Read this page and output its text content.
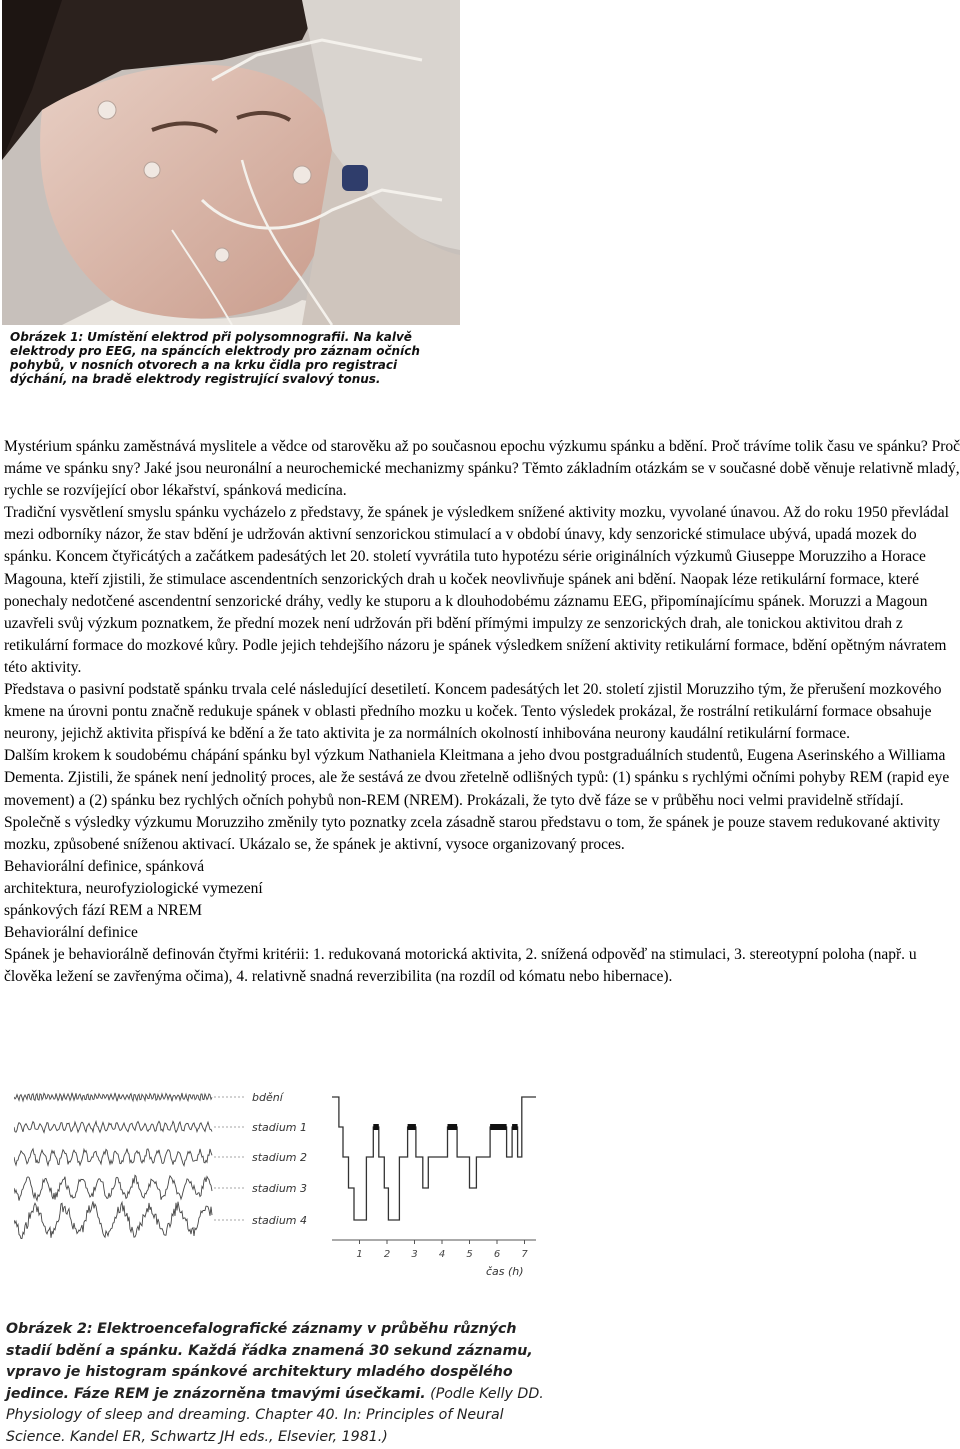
Obrázek 1: Umístění elektrod při polysomnografii. Na kalvě elektrody pro EEG, na spáncích elektrody pro záznam očních pohybů, v nosních otvorech a na krku čidla pro registraci dýchání, na bradě elektrody registrující svalový tonus.

Mystérium spánku zaměstnává myslitele a vědce od starověku až po současnou epochu výzkumu spánku a bdění. Proč trávíme tolik času ve spánku? Proč máme ve spánku sny? Jaké jsou neuronální a neurochemické mechanizmy spánku? Těmto základním otázkám se v současné době věnuje relativně mladý, rychle se rozvíjející obor lékařství, spánková medicína.

Tradiční vysvětlení smyslu spánku vycházelo z představy, že spánek je výsledkem snížené aktivity mozku, vyvolané únavou. Až do roku 1950 převládal mezi odborníky názor, že stav bdění je udržován aktivní senzorickou stimulací a v období únavy, kdy senzorické stimulace ubývá, upadá mozek do spánku. Koncem čtyřicátých a začátkem padesátých let 20. století vyvrátila tuto hypotézu série originálních výzkumů Giuseppe Moruzziho a Horace Magouna, kteří zjistili, že stimulace ascendentních senzorických drah u koček neovlivňuje spánek ani bdění. Naopak léze retikulární formace, které ponechaly nedotčené ascendentní senzorické dráhy, vedly ke stuporu a k dlouhodobému záznamu EEG, připomínajícímu spánek. Moruzzi a Magoun uzavřeli svůj výzkum poznatkem, že přední mozek není udržován při bdění přímými impulzy ze senzorických drah, ale tonickou aktivitou drah z retikulární formace do mozkové kůry. Podle jejich tehdejšího názoru je spánek výsledkem snížení aktivity retikulární formace, bdění opětným návratem této aktivity.

Představa o pasivní podstatě spánku trvala celé následující desetiletí. Koncem padesátých let 20. století zjistil Moruzziho tým, že přerušení mozkového kmene na úrovni pontu značně redukuje spánek v oblasti předního mozku u koček. Tento výsledek prokázal, že rostrální retikulární formace obsahuje neurony, jejichž aktivita přispívá ke bdění a že tato aktivita je za normálních okolností inhibována neurony kaudální retikulární formace.

Dalším krokem k soudobému chápání spánku byl výzkum Nathaniela Kleitmana a jeho dvou postgraduálních studentů, Eugena Aserinského a Williama Dementa. Zjistili, že spánek není jednolitý proces, ale že sestává ze dvou zřetelně odlišných typů: (1) spánku s rychlými očními pohyby REM (rapid eye movement) a (2) spánku bez rychlých očních pohybů non-REM (NREM). Prokázali, že tyto dvě fáze se v průběhu noci velmi pravidelně střídají. Společně s výsledky výzkumu Moruzziho změnily tyto poznatky zcela zásadně starou představu o tom, že spánek je pouze stavem redukované aktivity mozku, způsobené sníženou aktivací. Ukázalo se, že spánek je aktivní, vysoce organizovaný proces.

Behaviorální definice, spánková

architektura, neurofyziologické vymezení

spánkových fází REM a NREM

Behaviorální definice

Spánek je behaviorálně definován čtyřmi kritérii: 1. redukovaná motorická aktivita, 2. snížená odpověď na stimulaci, 3. stereotypní poloha (např. u člověka ležení se zavřenýma očima), 4. relativně snadná reverzibilita (na rozdíl od kómatu nebo hibernace).

bdění
stadium 1
stadium 2
stadium 3
stadium 4
1 2 3 4 5 6 7
čas (h)
Obrázek 2: Elektroencefalografické záznamy v průběhu různých stadií bdění a spánku. Každá řádka znamená 30 sekund záznamu, vpravo je histogram spánkové architektury mladého dospělého jedince. Fáze REM je znázorněna tmavými úsečkami. (Podle Kelly DD. Physiology of sleep and dreaming. Chapter 40. In: Principles of Neural Science. Kandel ER, Schwartz JH eds., Elsevier, 1981.)
